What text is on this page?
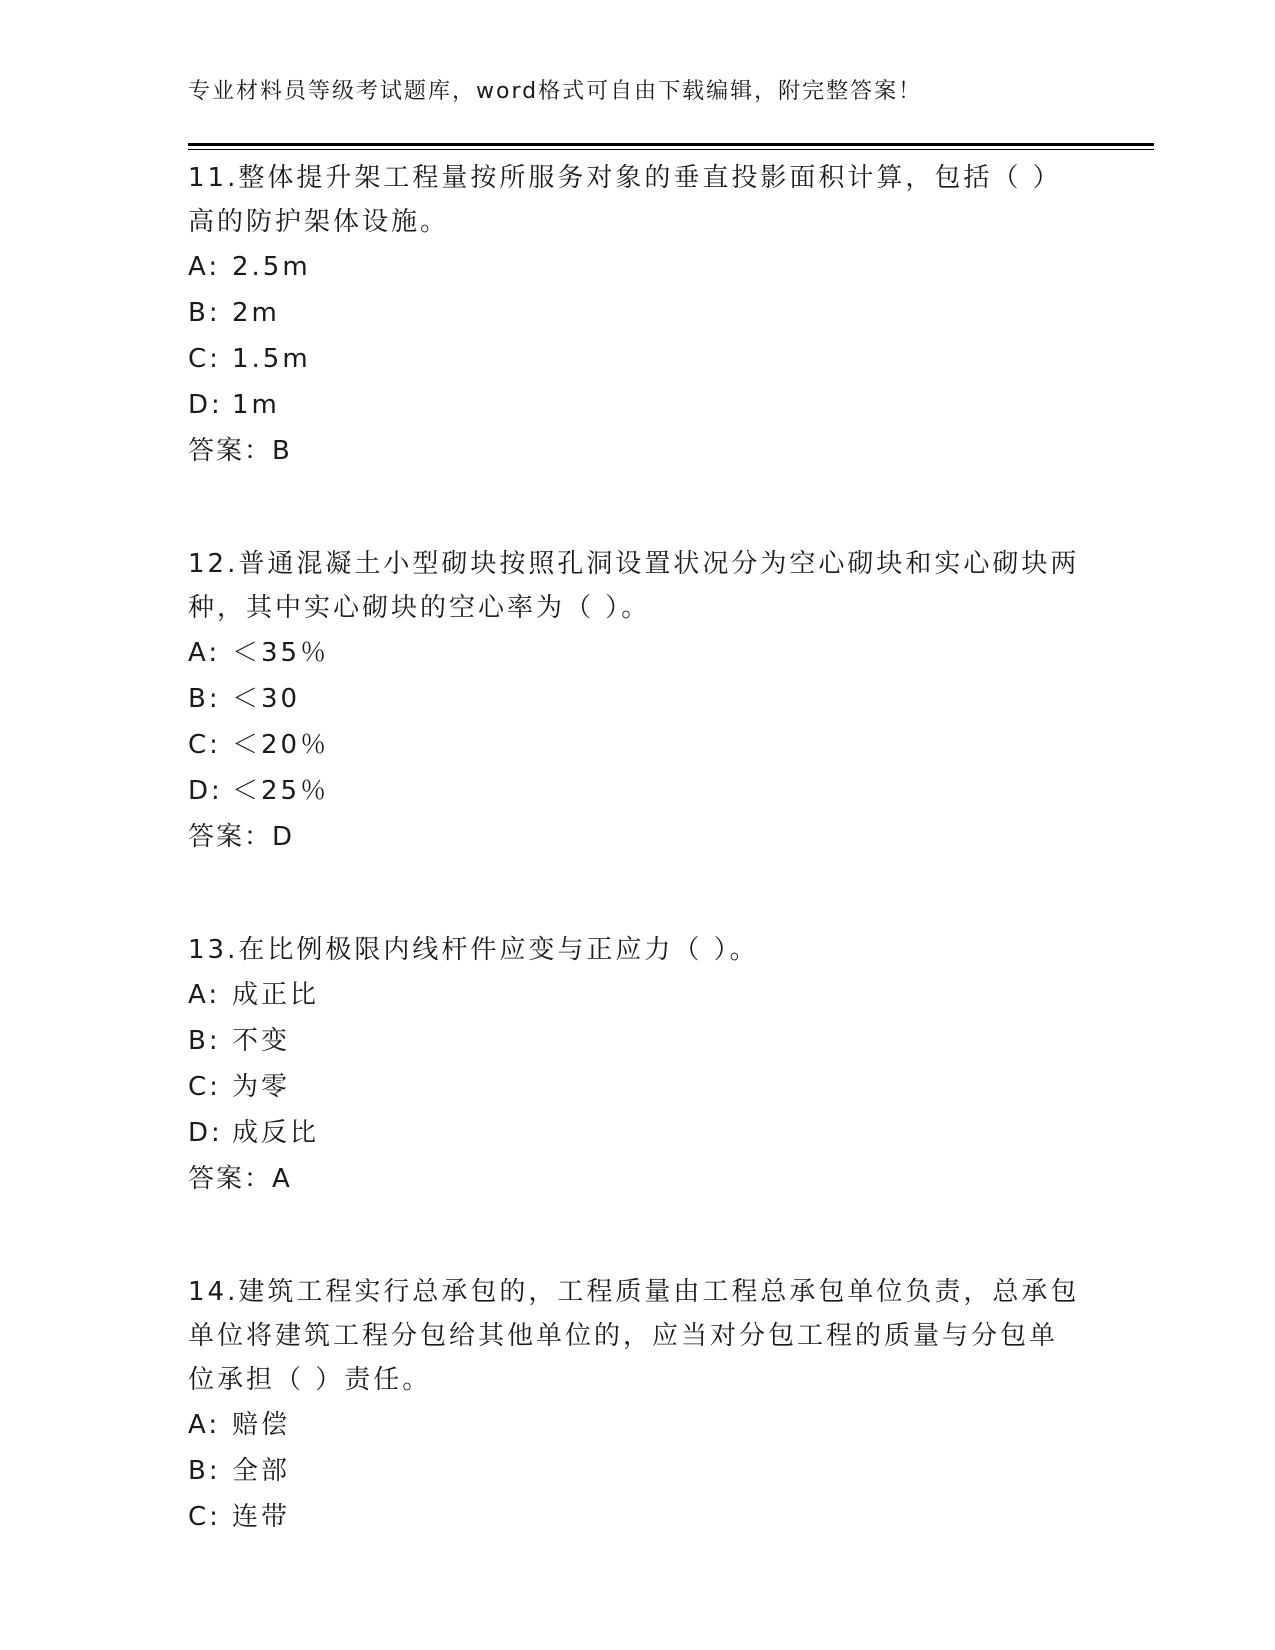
专业材料员等级考试题库，word格式可自由下载编辑，附完整答案！
11.整体提升架工程量按所服务对象的垂直投影面积计算，包括（ ）
高的防护架体设施。
A: 2.5m
B: 2m
C: 1.5m
D: 1m
答案：B
12.普通混凝土小型砌块按照孔洞设置状况分为空心砌块和实心砌块两
种，其中实心砌块的空心率为（ ）。
A: ＜35％
B: ＜30
C: ＜20％
D: ＜25％
答案：D
13.在比例极限内线杆件应变与正应力（ ）。
A: 成正比
B: 不变
C: 为零
D: 成反比
答案：A
14.建筑工程实行总承包的，工程质量由工程总承包单位负责，总承包
单位将建筑工程分包给其他单位的，应当对分包工程的质量与分包单
位承担（ ）责任。
A: 赔偿
B: 全部
C: 连带
